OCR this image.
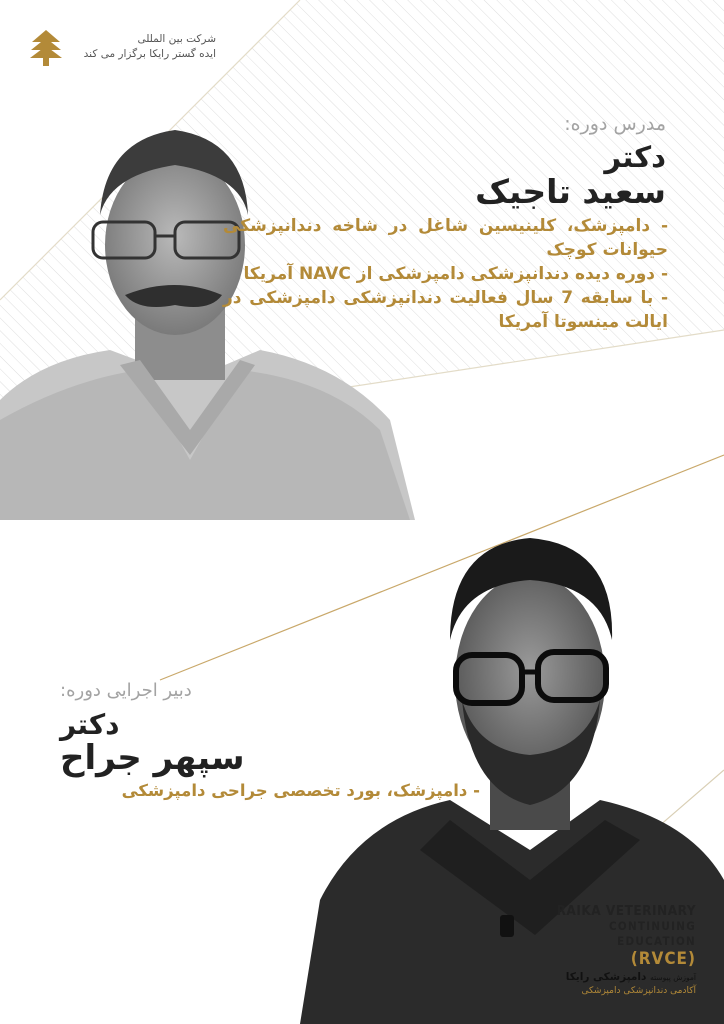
شرکت بین المللی
ایده گستر رایکا برگزار می کند
مدرس دوره:
دکتر
سعید تاجیک
- دامپزشک، کلینیسین شاغل در شاخه دندانپزشکی حیوانات کوچک
- دوره دیده دندانپزشکی دامپزشکی از NAVC آمریکا
- با سابقه 7 سال فعالیت دندانپزشکی دامپزشکی در ایالت مینسوتا آمریکا
دبیر اجرایی دوره:
دکتر
سپهر جراح
- دامپزشک، بورد تخصصی جراحی دامپزشکی
RAIKA VETERINARY
CONTINUING EDUCATION
(RVCE)
آموزش پیوسته دامپزشکی رایکا
آکادمی دندانپزشکی دامپزشکی
